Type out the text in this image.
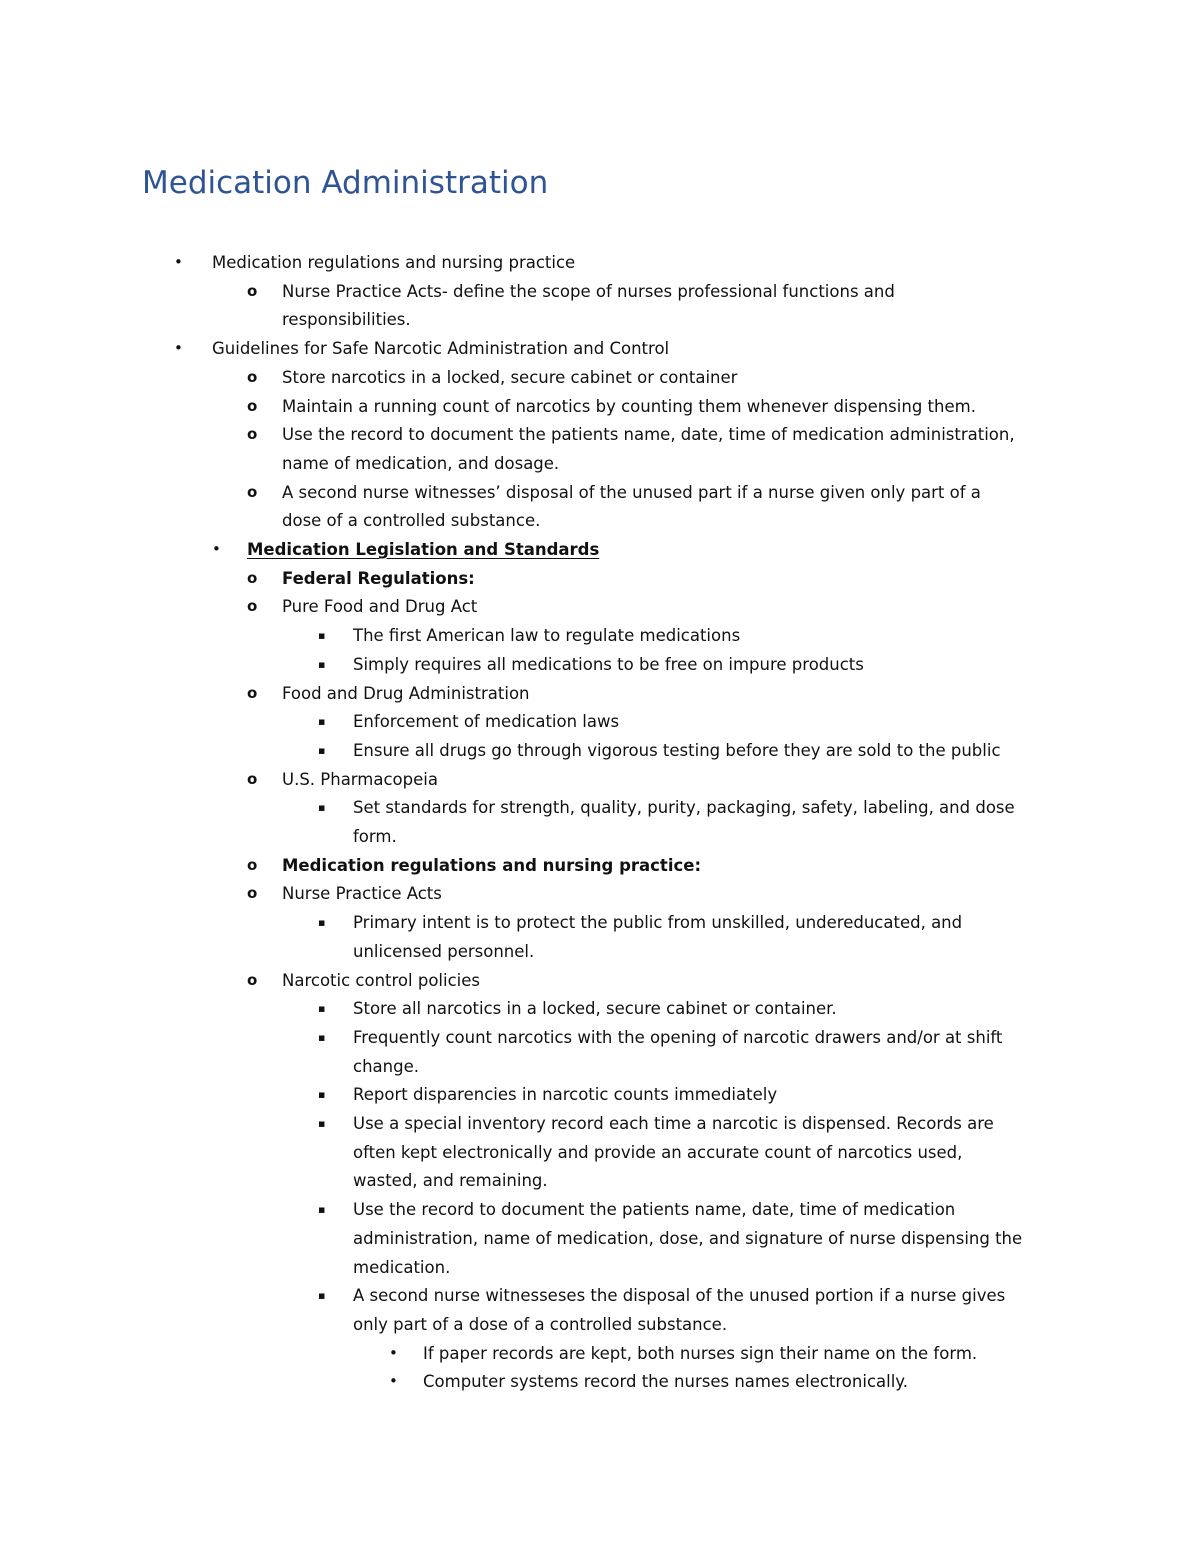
Medication Administration
• Medication regulations and nursing practice
o Nurse Practice Acts- define the scope of nurses professional functions and
responsibilities.
• Guidelines for Safe Narcotic Administration and Control
o Store narcotics in a locked, secure cabinet or container
o Maintain a running count of narcotics by counting them whenever dispensing them.
o Use the record to document the patients name, date, time of medication administration,
name of medication, and dosage.
o A second nurse witnesses’ disposal of the unused part if a nurse given only part of a
dose of a controlled substance.
• Medication Legislation and Standards
o Federal Regulations:
o Pure Food and Drug Act
▪ The first American law to regulate medications
▪ Simply requires all medications to be free on impure products
o Food and Drug Administration
▪ Enforcement of medication laws
▪ Ensure all drugs go through vigorous testing before they are sold to the public
o U.S. Pharmacopeia
▪ Set standards for strength, quality, purity, packaging, safety, labeling, and dose
form.
o Medication regulations and nursing practice:
o Nurse Practice Acts
▪ Primary intent is to protect the public from unskilled, undereducated, and
unlicensed personnel.
o Narcotic control policies
▪ Store all narcotics in a locked, secure cabinet or container.
▪ Frequently count narcotics with the opening of narcotic drawers and/or at shift
change.
▪ Report disparencies in narcotic counts immediately
▪ Use a special inventory record each time a narcotic is dispensed. Records are
often kept electronically and provide an accurate count of narcotics used,
wasted, and remaining.
▪ Use the record to document the patients name, date, time of medication
administration, name of medication, dose, and signature of nurse dispensing the
medication.
▪ A second nurse witnesseses the disposal of the unused portion if a nurse gives
only part of a dose of a controlled substance.
• If paper records are kept, both nurses sign their name on the form.
• Computer systems record the nurses names electronically.
